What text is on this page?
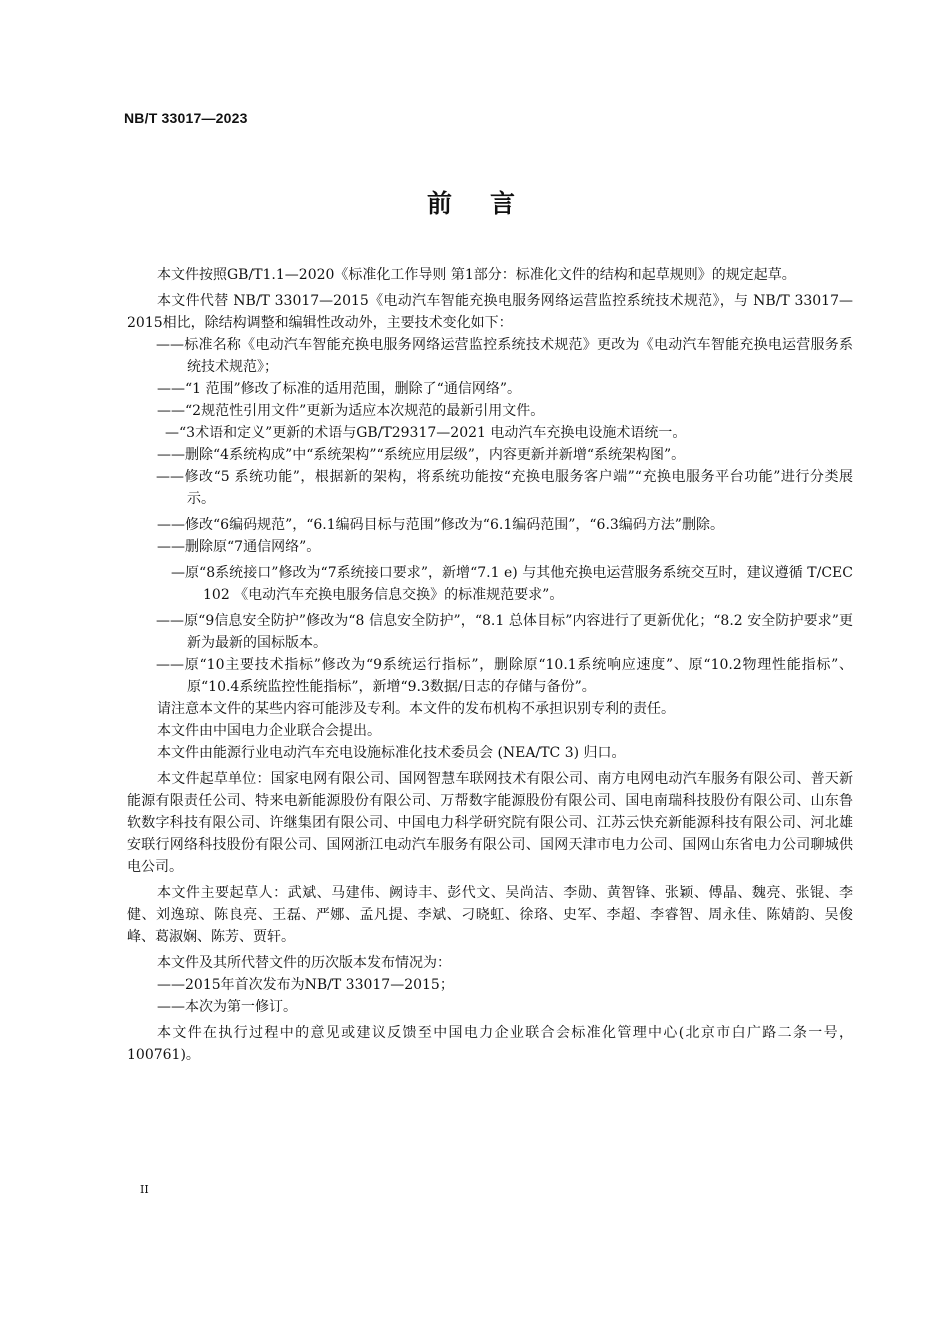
NB/T 33017—2023
前言

本文件按照GB/T1.1—2020《标准化工作导则 第1部分：标准化文件的结构和起草规则》的规定起草。

本文件代替 NB/T 33017—2015《电动汽车智能充换电服务网络运营监控系统技术规范》，与 NB/T 33017—2015相比，除结构调整和编辑性改动外，主要技术变化如下：

——标准名称《电动汽车智能充换电服务网络运营监控系统技术规范》更改为《电动汽车智能充换电运营服务系统技术规范》；

——“1 范围”修改了标准的适用范围，删除了“通信网络”。

——“2规范性引用文件”更新为适应本次规范的最新引用文件。

—“3术语和定义”更新的术语与GB/T29317—2021 电动汽车充换电设施术语统一。

——删除“4系统构成”中“系统架构”“系统应用层级”，内容更新并新增“系统架构图”。

——修改“5 系统功能”，根据新的架构，将系统功能按“充换电服务客户端”“充换电服务平台功能”进行分类展示。

——修改“6编码规范”，“6.1编码目标与范围”修改为“6.1编码范围”，“6.3编码方法”删除。

——删除原“7通信网络”。

—原“8系统接口”修改为“7系统接口要求”，新增“7.1 e) 与其他充换电运营服务系统交互时，建议遵循 T/CEC 102 《电动汽车充换电服务信息交换》的标准规范要求”。

——原“9信息安全防护”修改为“8 信息安全防护”，“8.1 总体目标”内容进行了更新优化；“8.2 安全防护要求”更新为最新的国标版本。

——原“10主要技术指标”修改为“9系统运行指标”，删除原“10.1系统响应速度”、原“10.2物理性能指标”、原“10.4系统监控性能指标”，新增“9.3数据/日志的存储与备份”。

请注意本文件的某些内容可能涉及专利。本文件的发布机构不承担识别专利的责任。

本文件由中国电力企业联合会提出。

本文件由能源行业电动汽车充电设施标准化技术委员会 (NEA/TC 3) 归口。

本文件起草单位：国家电网有限公司、国网智慧车联网技术有限公司、南方电网电动汽车服务有限公司、普天新能源有限责任公司、特来电新能源股份有限公司、万帮数字能源股份有限公司、国电南瑞科技股份有限公司、山东鲁软数字科技有限公司、许继集团有限公司、中国电力科学研究院有限公司、江苏云快充新能源科技有限公司、河北雄安联行网络科技股份有限公司、国网浙江电动汽车服务有限公司、国网天津市电力公司、国网山东省电力公司聊城供电公司。

本文件主要起草人：武斌、马建伟、阙诗丰、彭代文、吴尚洁、李勋、黄智锋、张颖、傅晶、魏亮、张锟、李健、刘逸琼、陈良亮、王磊、严娜、孟凡提、李斌、刁晓虹、徐珞、史军、李超、李睿智、周永佳、陈婧韵、吴俊峰、葛淑娴、陈芳、贾轩。

本文件及其所代替文件的历次版本发布情况为：

——2015年首次发布为NB/T 33017—2015；

——本次为第一修订。

本文件在执行过程中的意见或建议反馈至中国电力企业联合会标准化管理中心(北京市白广路二条一号，100761)。

II
